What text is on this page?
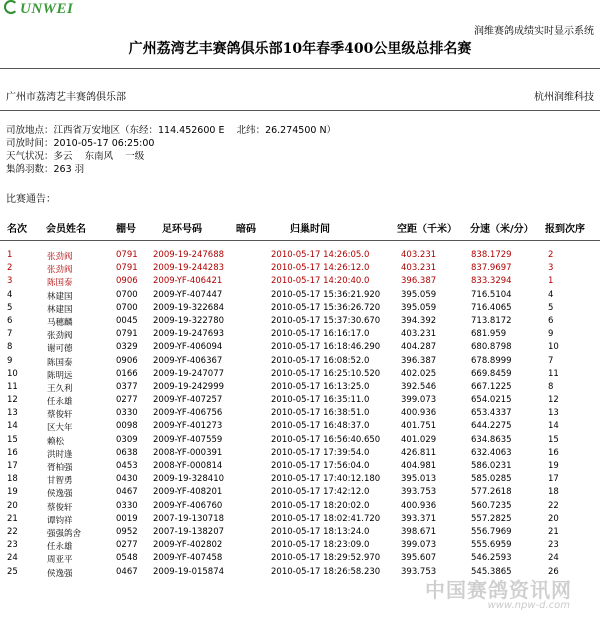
UNWEI
润维赛鸽成绩实时显示系统
广州荔湾艺丰赛鸽俱乐部10年春季400公里级总排名赛
广州市荔湾艺丰赛鸽俱乐部	杭州润维科技
司放地点：江西省万安地区（东经：114.452600 E 北纬：26.274500 N）
司放时间：2010-05-17 06:25:00
天气状况：多云 东南风 一级
集鸽羽数：263 羽
比赛通告：
名次 会员姓名	棚号	足环号码	暗码	归巢时间	空距（千米） 分速（米/分） 报到次序
1	张劲阀	0791 2009-19-247688	2010-05-17 14:26:05.0	403.231	838.1729	2
2	张劲阀	0791 2009-19-244283	2010-05-17 14:26:12.0	403.231	837.9697	3
3	陈国泰	0906 2009-YF-406421	2010-05-17 14:20:40.0	396.387	833.3294	1
4	林建国	0700 2009-YF-407447	2010-05-17 15:36:21.920 395.059	716.5104	4
5	林建国	0700 2009-19-322684	2010-05-17 15:36:26.720 395.059	716.4065	5
6	马穗麟	0045 2009-19-322780	2010-05-17 15:37:30.670 394.392	713.8172	6
7	张劲阀	0791 2009-19-247693	2010-05-17 16:16:17.0	403.231	681.959	9
8	谢可德	0329 2009-YF-406094	2010-05-17 16:18:46.290 404.287	680.8798	10
9	陈国泰	0906 2009-YF-406367	2010-05-17 16:08:52.0	396.387	678.8999	7
10	陈明远	0166 2009-19-247077	2010-05-17 16:25:10.520 402.025	669.8459	11
11	王久利	0377 2009-19-242999	2010-05-17 16:13:25.0	392.546	667.1225	8
12	任永雄	0277 2009-YF-407257	2010-05-17 16:35:11.0	399.073	654.0215	12
13	蔡俊轩	0330 2009-YF-406756	2010-05-17 16:38:51.0	400.936	653.4337	13
14	区大年	0098 2009-YF-401273	2010-05-17 16:48:37.0	401.751	644.2275	14
15	赖松	0309 2009-YF-407559	2010-05-17 16:56:40.650 401.029	634.8635	15
16	洪时逢	0638 2008-YF-000391	2010-05-17 17:39:54.0	426.811	632.4063	16
17	胥柏强	0453 2008-YF-000814	2010-05-17 17:56:04.0	404.981	586.0231	19
18	甘智勇	0430 2009-19-328410	2010-05-17 17:40:12.180 395.013	585.0285	17
19	侯逸强	0467 2009-YF-408201	2010-05-17 17:42:12.0	393.753	577.2618	18
20	蔡俊轩	0330 2009-YF-406760	2010-05-17 18:20:02.0	400.936	560.7235	22
21	谭钧祥	0019 2007-19-130718	2010-05-17 18:02:41.720 393.371	557.2825	20
22	强强鸽舍	0952 2007-19-138207	2010-05-17 18:13:24.0	398.671	556.7969	21
23	任永雄	0277 2009-YF-402802	2010-05-17 18:23:09.0	399.073	555.6959	23
24	周亚平	0548 2009-YF-407458	2010-05-17 18:29:52.970 395.607	546.2593	24
25	侯逸强	0467 2009-19-015874	2010-05-17 18:26:58.230 393.753	545.3865	26
中国赛鸽资讯网
www.npw-d.com
